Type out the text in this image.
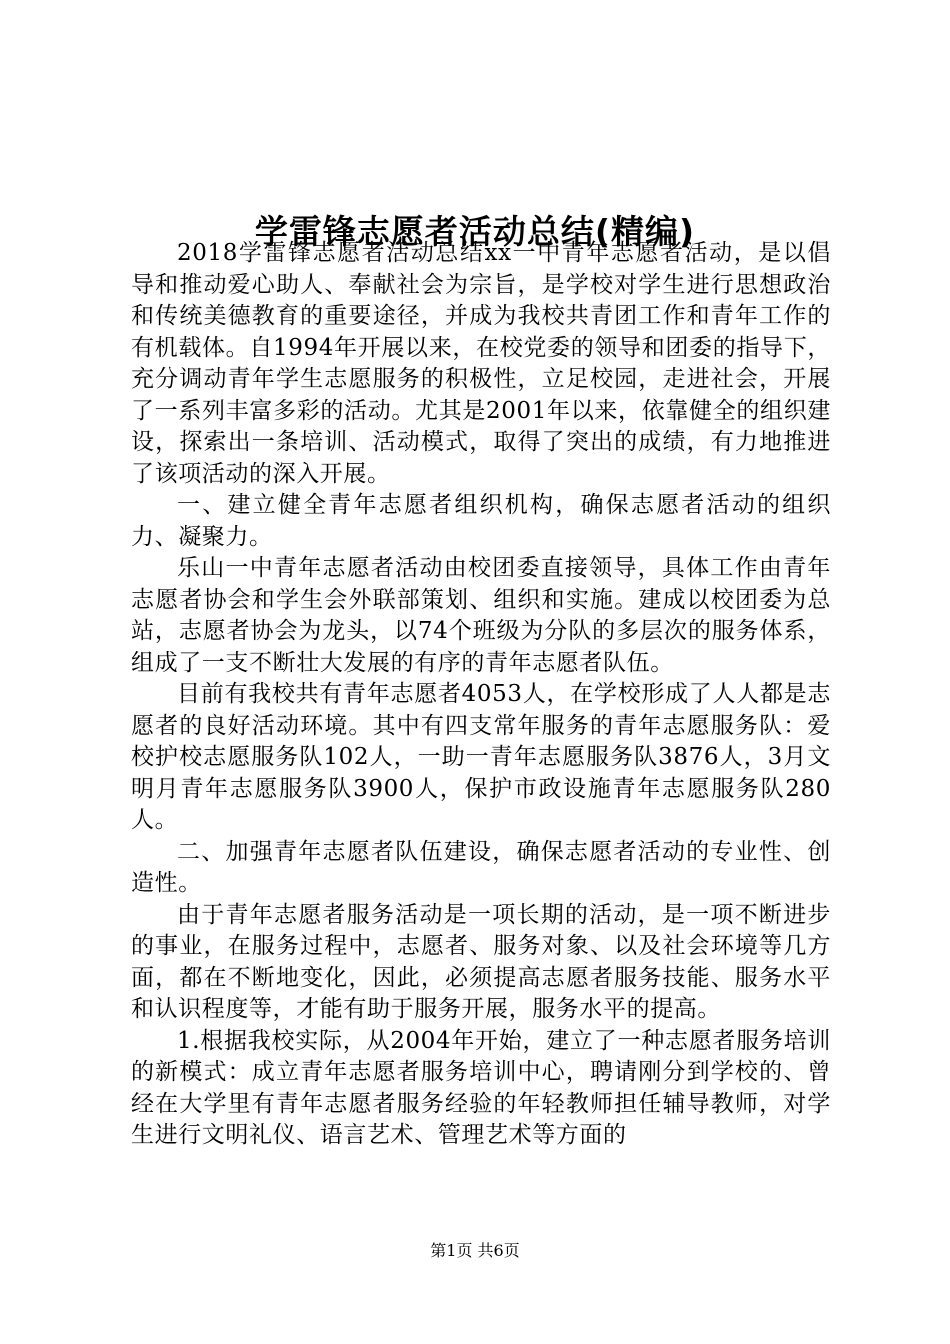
学雷锋志愿者活动总结(精编)

2018学雷锋志愿者活动总结xx一中青年志愿者活动，是以倡导和推动爱心助人、奉献社会为宗旨，是学校对学生进行思想政治和传统美德教育的重要途径，并成为我校共青团工作和青年工作的有机载体。自1994年开展以来，在校党委的领导和团委的指导下，充分调动青年学生志愿服务的积极性，立足校园，走进社会，开展了一系列丰富多彩的活动。尤其是2001年以来，依靠健全的组织建设，探索出一条培训、活动模式，取得了突出的成绩，有力地推进了该项活动的深入开展。

一、建立健全青年志愿者组织机构，确保志愿者活动的组织力、凝聚力。

乐山一中青年志愿者活动由校团委直接领导，具体工作由青年志愿者协会和学生会外联部策划、组织和实施。建成以校团委为总站，志愿者协会为龙头，以74个班级为分队的多层次的服务体系，组成了一支不断壮大发展的有序的青年志愿者队伍。

目前有我校共有青年志愿者4053人，在学校形成了人人都是志愿者的良好活动环境。其中有四支常年服务的青年志愿服务队：爱校护校志愿服务队102人，一助一青年志愿服务队3876人，3月文明月青年志愿服务队3900人，保护市政设施青年志愿服务队280人。

二、加强青年志愿者队伍建设，确保志愿者活动的专业性、创造性。

由于青年志愿者服务活动是一项长期的活动，是一项不断进步的事业，在服务过程中，志愿者、服务对象、以及社会环境等几方面，都在不断地变化，因此，必须提高志愿者服务技能、服务水平和认识程度等，才能有助于服务开展，服务水平的提高。

1.根据我校实际，从2004年开始，建立了一种志愿者服务培训的新模式：成立青年志愿者服务培训中心，聘请刚分到学校的、曾经在大学里有青年志愿者服务经验的年轻教师担任辅导教师，对学生进行文明礼仪、语言艺术、管理艺术等方面的

第1页 共6页
